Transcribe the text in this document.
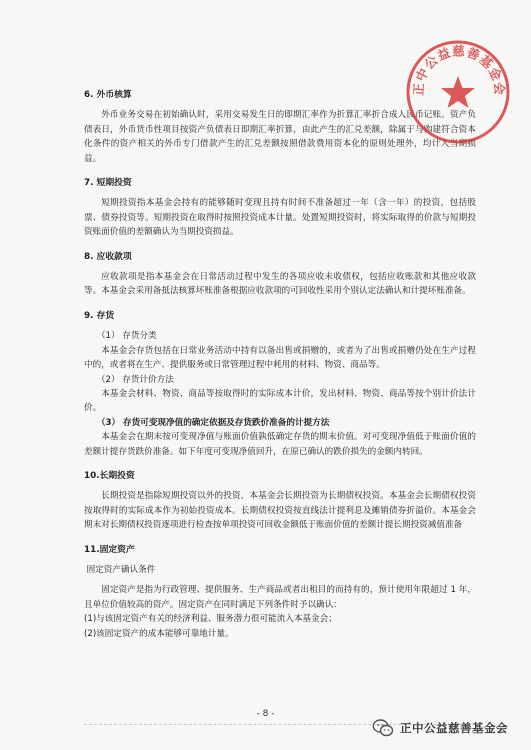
6. 外币核算

外币业务交易在初始确认时，采用交易发生日的即期汇率作为折算汇率折合成人民币记账。资产负债表日，外币货币性项目按资产负债表日即期汇率折算，由此产生的汇兑差额，除属于与购建符合资本化条件的资产相关的外币专门借款产生的汇兑差额按照借款费用资本化的原则处理外，均计入当期损益。

7. 短期投资

短期投资指本基金会持有的能够随时变现且持有时间不准备超过一年（含一年）的投资，包括股票、债券投资等。短期投资在取得时按照投资成本计量。处置短期投资时，将实际取得的价款与短期投资账面价值的差额确认为当期投资损益。

8. 应收款项

应收款项是指本基金会在日常活动过程中发生的各项应收未收债权，包括应收账款和其他应收款等。本基金会采用备抵法核算坏账准备根据应收款项的可回收性采用个别认定法确认和计提坏账准备。

9. 存货

（1） 存货分类

本基金会存货包括在日常业务活动中持有以备出售或捐赠的，或者为了出售或捐赠仍处在生产过程中的，或者将在生产、提供服务或日常管理过程中耗用的材料、物资、商品等。

（2） 存货计价方法

本基金会材料、物资、商品等按取得时的实际成本计价，发出材料、物资、商品等按个别计价法计价。

（3） 存货可变现净值的确定依据及存货跌价准备的计提方法

本基金会在期末按可变现净值与账面价值孰低确定存货的期末价值。对可变现净值低于账面价值的差额计提存货跌价准备。如下年度可变现净值回升，在原已确认的跌价损失的金额内转回。

10.长期投资

长期投资是指除短期投资以外的投资，本基金会长期投资为长期债权投资。本基金会长期债权投资按取得时的实际成本作为初始投资成本。长期债权投资按直线法计提利息及摊销债券折溢价。本基金会期末对长期债权投资逐项进行检查按单项投资可回收金额低于账面价值的差额计提长期投资减值准备

11.固定资产

固定资产确认条件

固定资产是指为行政管理、提供服务、生产商品或者出租目的而持有的，预计使用年限超过 1 年，且单位价值较高的资产。固定资产在同时满足下列条件时予以确认：

(1)与该固定资产有关的经济利益、服务潜力很可能流入本基金会；

(2)该固定资产的成本能够可靠地计量。

正中公益慈善基金会
- 8 -
正中公益慈善基金会
